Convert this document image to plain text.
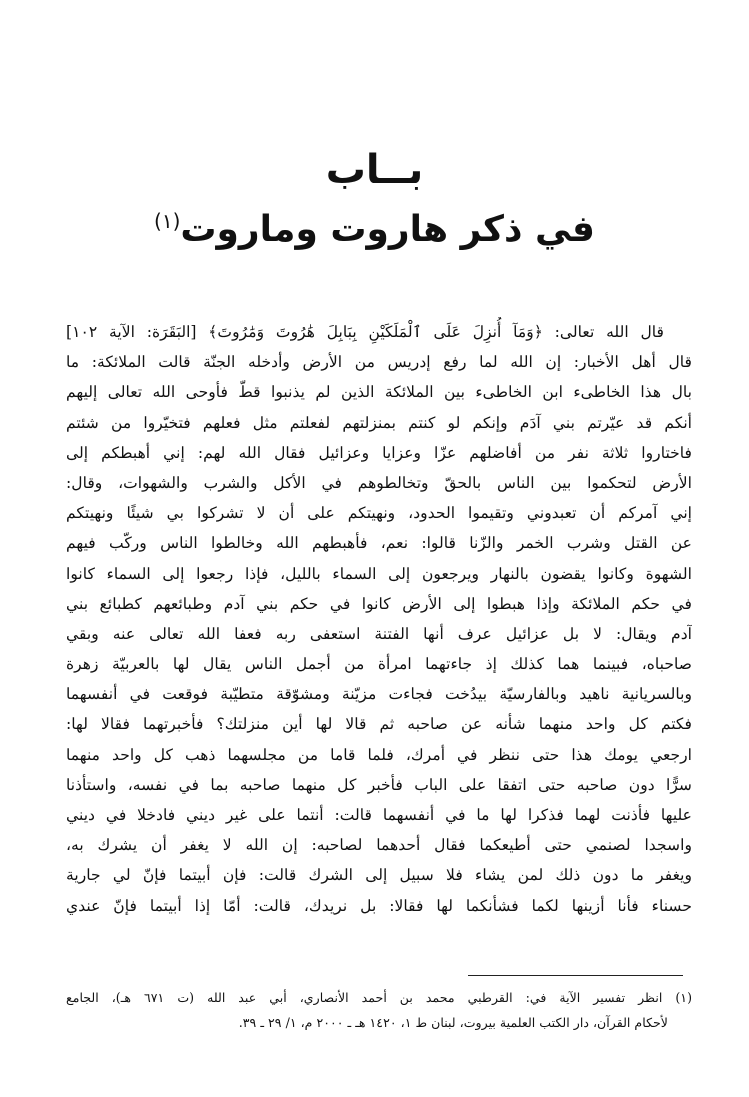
بــاب
في ذكر هاروت وماروت$^{(١)}$
قال الله تعالى: ﴿وَمَآ أُنزِلَ عَلَى ٱلْمَلَكَيْنِ بِبَابِلَ هَٰرُوتَ وَمَٰرُوتَ﴾ [البَقَرَة: الآية ١٠٢]
قال أهل الأخبار: إن الله لما رفع إدريس من الأرض وأدخله الجنّة قالت الملائكة: ما
بال هذا الخاطىء ابن الخاطىء بين الملائكة الذين لم يذنبوا قطّ فأوحى الله تعالى إليهم
أنكم قد عيّرتم بني آدَم وإنكم لو كنتم بمنزلتهم لفعلتم مثل فعلهم فتخيّروا من شئتم
فاختاروا ثلاثة نفر من أفاضلهم عزّا وعزايا وعزائيل فقال الله لهم: إني أهبطكم إلى
الأرض لتحكموا بين الناس بالحقّ وتخالطوهم في الأكل والشرب والشهوات، وقال:
إني آمركم أن تعبدوني وتقيموا الحدود، ونهيتكم على أن لا تشركوا بي شيئًا ونهيتكم
عن القتل وشرب الخمر والزّنا قالوا: نعم، فأهبطهم الله وخالطوا الناس وركّب فيهم
الشهوة وكانوا يقضون بالنهار ويرجعون إلى السماء بالليل، فإذا رجعوا إلى السماء كانوا
في حكم الملائكة وإذا هبطوا إلى الأرض كانوا في حكم بني آدم وطبائعهم كطبائع بني
آدم ويقال: لا بل عزائيل عرف أنها الفتنة استعفى ربه فعفا الله تعالى عنه وبقي
صاحباه، فبينما هما كذلك إذ جاءتهما امرأة من أجمل الناس يقال لها بالعربيّة زهرة
وبالسريانية ناهيد وبالفارسيّة بيدُخت فجاءت مزيّنة ومشوّقة متطيّبة فوقعت في أنفسهما
فكتم كل واحد منهما شأنه عن صاحبه ثم قالا لها أين منزلتك؟ فأخبرتهما فقالا لها:
ارجعي يومك هذا حتى ننظر في أمرك، فلما قاما من مجلسهما ذهب كل واحد منهما
سرًّا دون صاحبه حتى اتفقا على الباب فأخبر كل منهما صاحبه بما في نفسه، واستأذنا
عليها فأذنت لهما فذكرا لها ما في أنفسهما قالت: أنتما على غير ديني فادخلا في ديني
واسجدا لصنمي حتى أطيعكما فقال أحدهما لصاحبه: إن الله لا يغفر أن يشرك به،
ويغفر ما دون ذلك لمن يشاء فلا سبيل إلى الشرك قالت: فإن أبيتما فإنّ لي جارية
حسناء فأنا أزينها لكما فشأنكما لها فقالا: بل نريدك، قالت: أمّا إذا أبيتما فإنّ عندي
(١) انظر تفسير الآية في: القرطبي محمد بن أحمد الأنصاري، أبي عبد الله (ت ٦٧١ هـ)، الجامع
لأحكام القرآن، دار الكتب العلمية بيروت، لبنان ط ١، ١٤٢٠ هـ ـ ٢٠٠٠ م، ١/ ٢٩ ـ ٣٩.
